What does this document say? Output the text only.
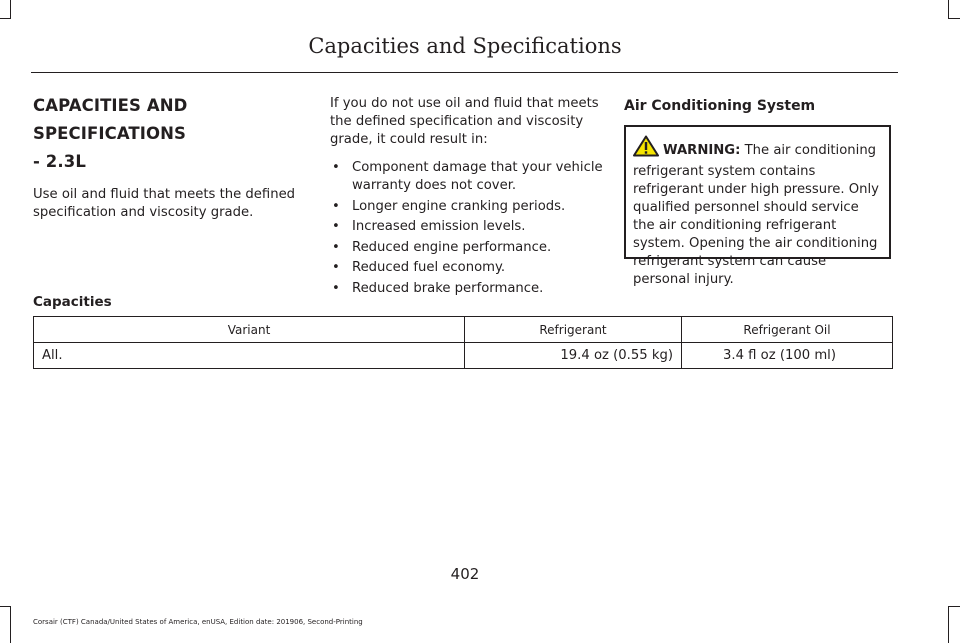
Capacities and Specifications

CAPACITIES AND SPECIFICATIONS

- 2.3L

Use oil and fluid that meets the defined specification and viscosity grade.

If you do not use oil and fluid that meets the defined specification and viscosity grade, it could result in:

• Component damage that your vehicle warranty does not cover.
• Longer engine cranking periods.
• Increased emission levels.
• Reduced engine performance.
• Reduced fuel economy.
• Reduced brake performance.

Air Conditioning System

WARNING: The air conditioning refrigerant system contains refrigerant under high pressure. Only qualified personnel should service the air conditioning refrigerant system. Opening the air conditioning refrigerant system can cause personal injury.
Capacities
Variant	Refrigerant	Refrigerant Oil
All.	19.4 oz (0.55 kg)	3.4 fl oz (100 ml)
402
Corsair (CTF) Canada/United States of America, enUSA, Edition date: 201906, Second-Printing
